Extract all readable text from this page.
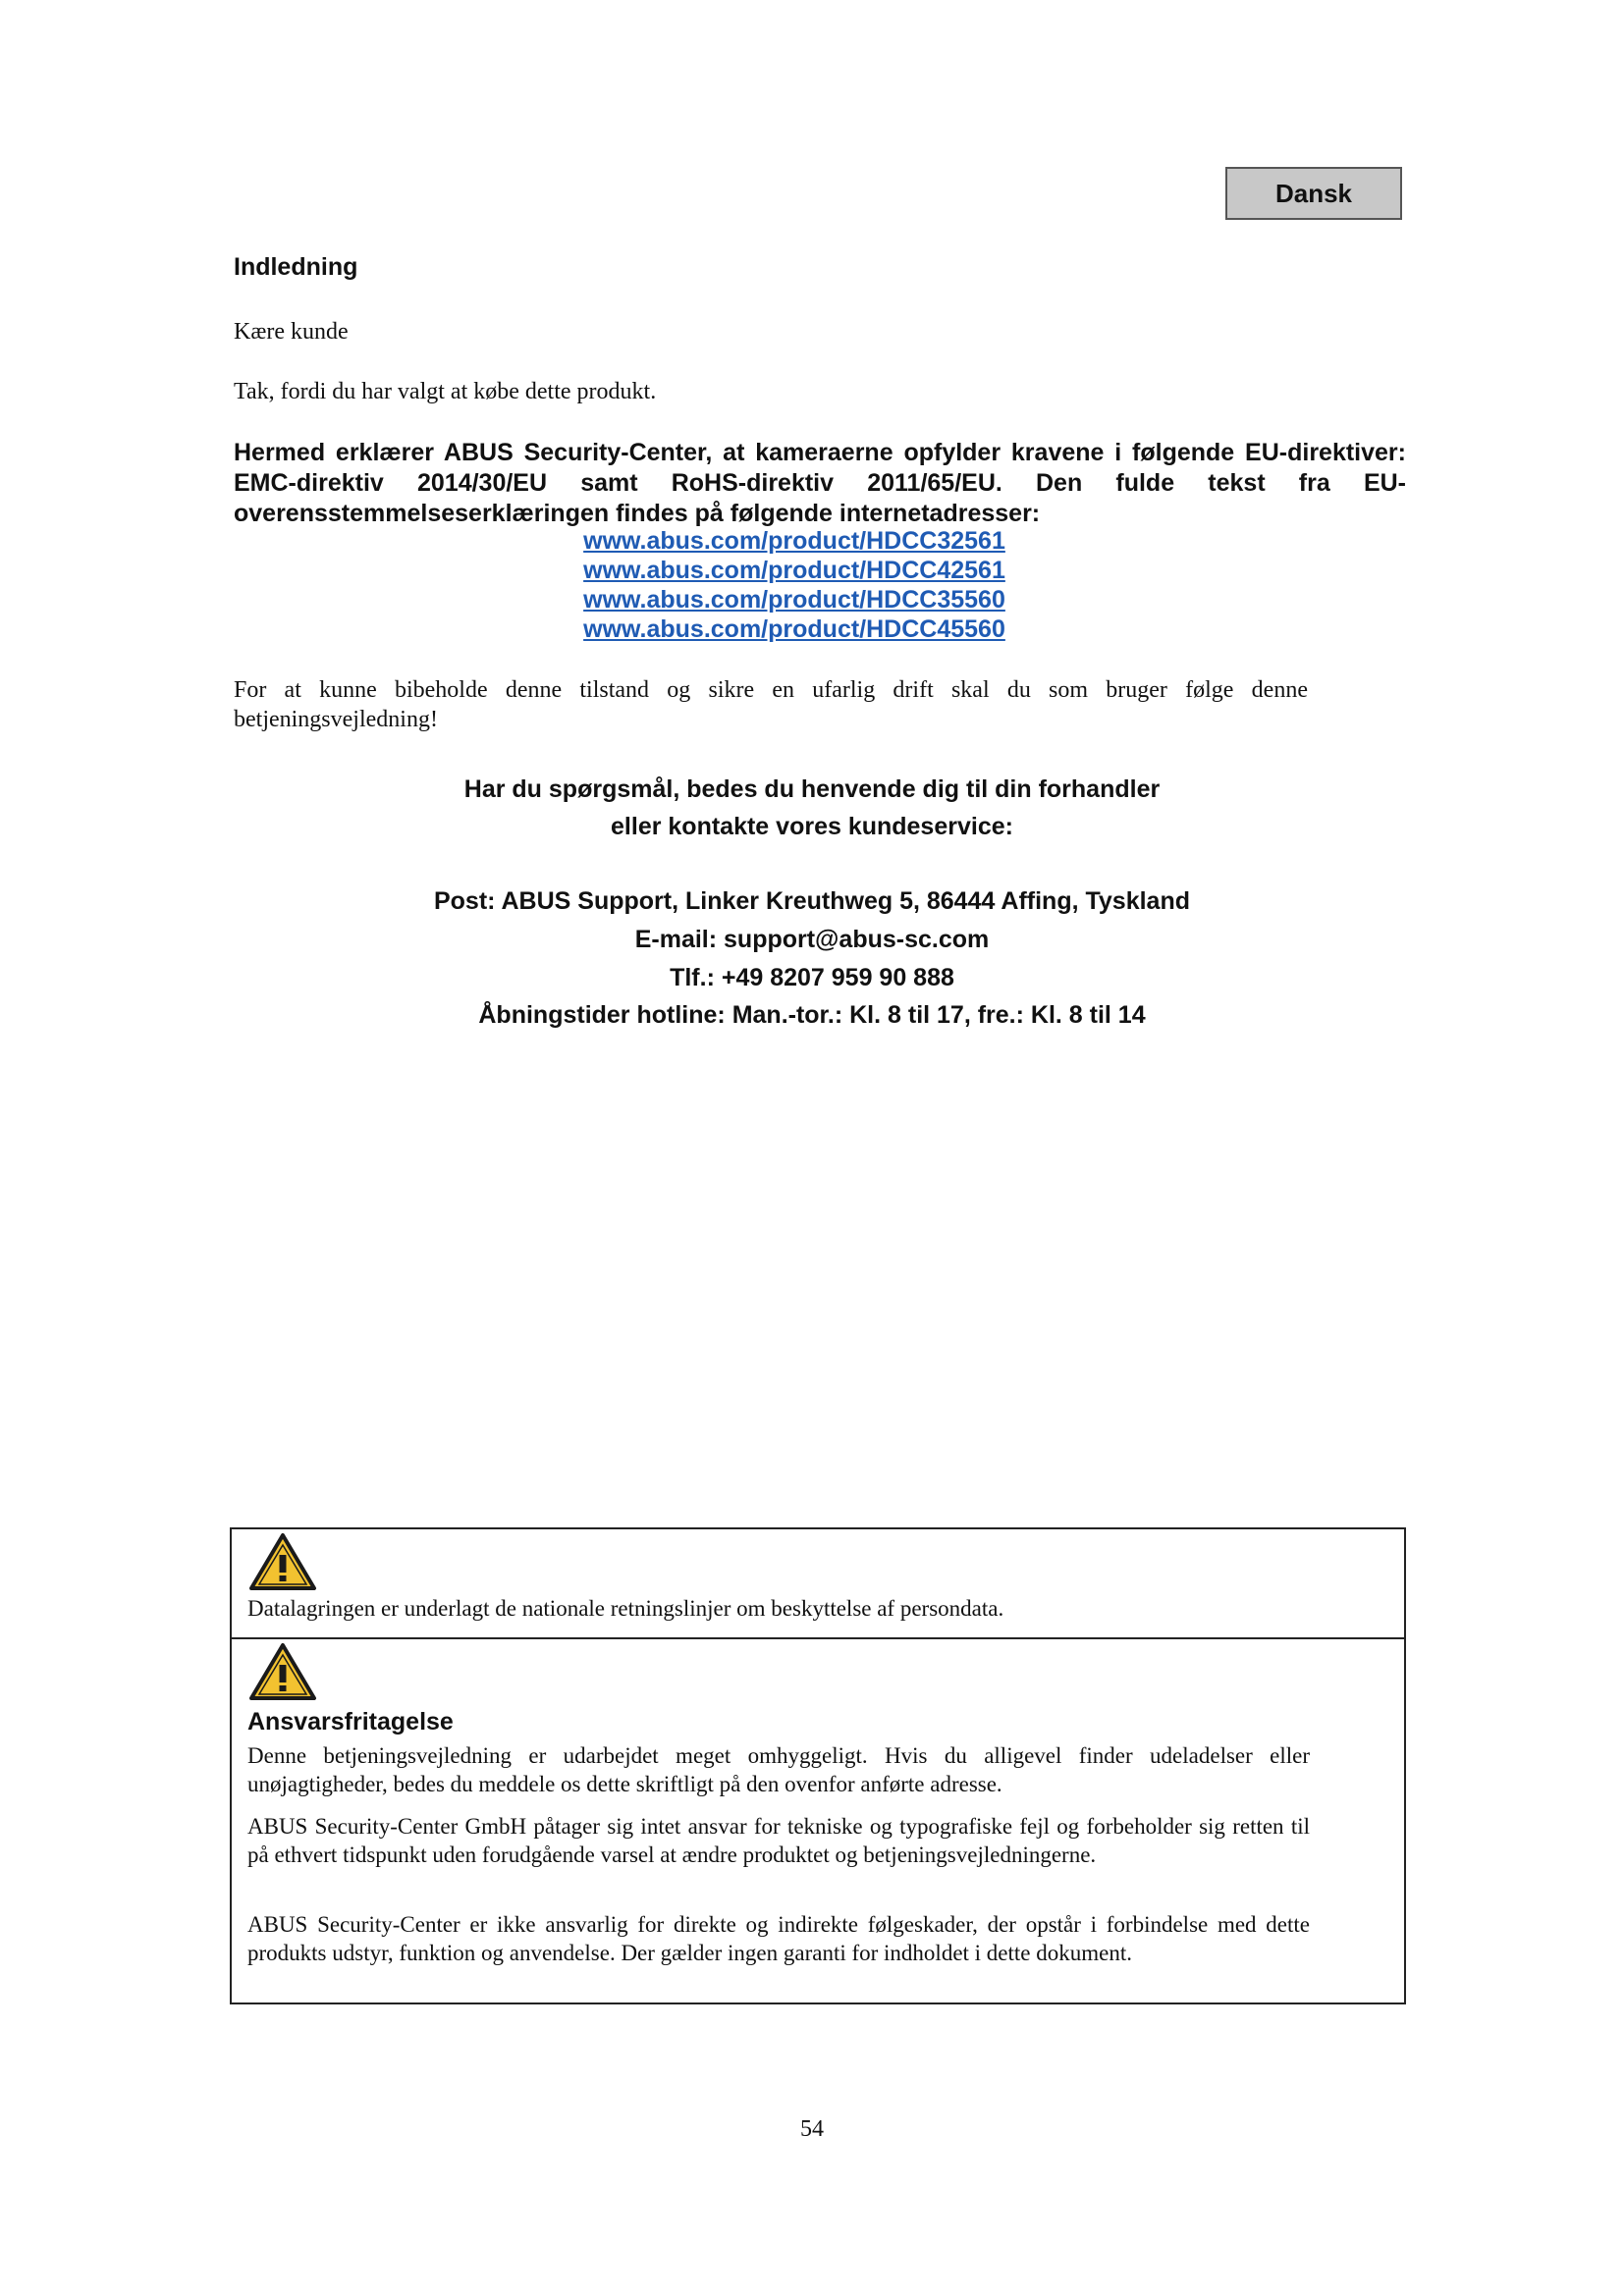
Dansk
Indledning
Kære kunde
Tak, fordi du har valgt at købe dette produkt.
Hermed erklærer ABUS Security-Center, at kameraerne opfylder kravene i følgende EU-direktiver: EMC-direktiv 2014/30/EU samt RoHS-direktiv 2011/65/EU. Den fulde tekst fra EU-overensstemmelseserklæringen findes på følgende internetadresser:
www.abus.com/product/HDCC32561
www.abus.com/product/HDCC42561
www.abus.com/product/HDCC35560
www.abus.com/product/HDCC45560
For at kunne bibeholde denne tilstand og sikre en ufarlig drift skal du som bruger følge denne betjeningsvejledning!
Har du spørgsmål, bedes du henvende dig til din forhandler
eller kontakte vores kundeservice:
Post: ABUS Support, Linker Kreuthweg 5, 86444 Affing, Tyskland
E-mail: support@abus-sc.com
Tlf.: +49 8207 959 90 888
Åbningstider hotline: Man.-tor.: Kl. 8 til 17, fre.: Kl. 8 til 14
Datalagringen er underlagt de nationale retningslinjer om beskyttelse af persondata.
Ansvarsfritagelse
Denne betjeningsvejledning er udarbejdet meget omhyggeligt. Hvis du alligevel finder udeladelser eller unøjagtigheder, bedes du meddele os dette skriftligt på den ovenfor anførte adresse.
ABUS Security-Center GmbH påtager sig intet ansvar for tekniske og typografiske fejl og forbeholder sig retten til på ethvert tidspunkt uden forudgående varsel at ændre produktet og betjeningsvejledningerne.
ABUS Security-Center er ikke ansvarlig for direkte og indirekte følgeskader, der opstår i forbindelse med dette produkts udstyr, funktion og anvendelse. Der gælder ingen garanti for indholdet i dette dokument.
54
